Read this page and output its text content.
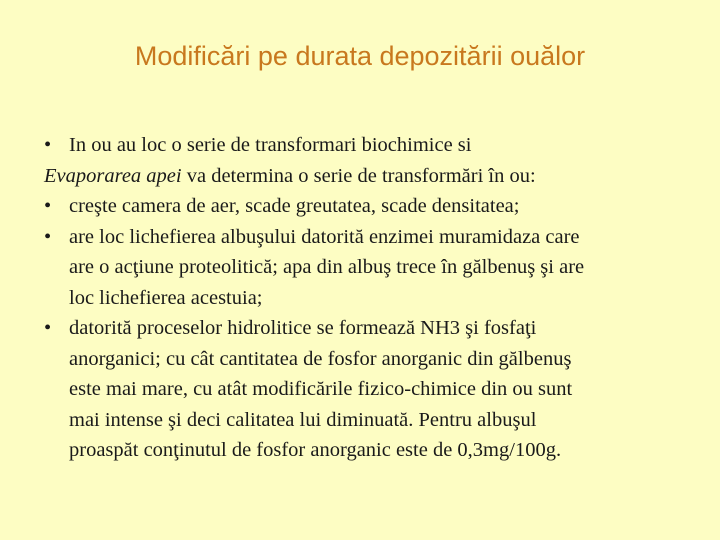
Modificări pe durata depozitării ouălor
• In ou au loc o serie de transformari biochimice si
Evaporarea apei va determina o serie de transformări în ou:
• creşte camera de aer, scade greutatea, scade densitatea;
• are loc lichefierea albuşului datorită enzimei muramidaza care
are o acţiune proteolitică; apa din albuş trece în gălbenuş şi are
loc lichefierea acestuia;
• datorită proceselor hidrolitice se formează NH3 şi fosfaţi
anorganici; cu cât cantitatea de fosfor anorganic din gălbenuş
este mai mare, cu atât modificările fizico-chimice din ou sunt
mai intense şi deci calitatea lui diminuată. Pentru albuşul
proaspăt conţinutul de fosfor anorganic este de 0,3mg/100g.
